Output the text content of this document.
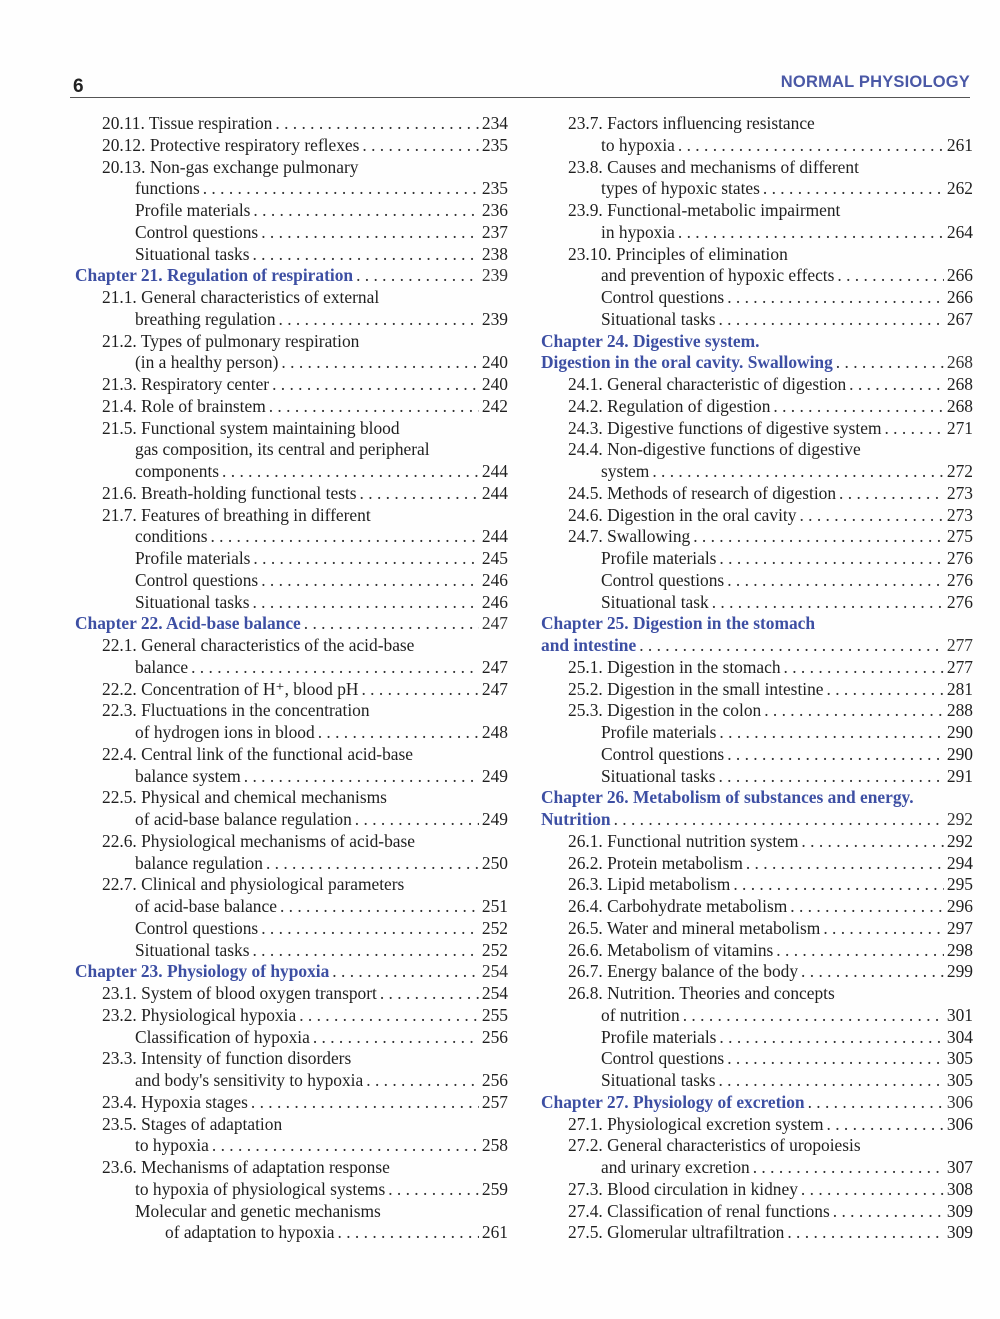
6	NORMAL PHYSIOLOGY
20.11. Tissue respiration . . .	234
20.12. Protective respiratory reflexes . . .	235
20.13. Non-gas exchange pulmonary
functions . . .	235
Profile materials . . .	236
Control questions . . .	237
Situational tasks . . .	238
Chapter 21. Regulation of respiration . . .	239
21.1. General characteristics of external
breathing regulation . . .	239
21.2. Types of pulmonary respiration
(in a healthy person) . . .	240
21.3. Respiratory center . . .	240
21.4. Role of brainstem . . .	242
21.5. Functional system maintaining blood
gas composition, its central and peripheral
components . . .	244
21.6. Breath-holding functional tests . . .	244
21.7. Features of breathing in different
conditions . . .	244
Profile materials . . .	245
Control questions . . .	246
Situational tasks . . .	246
Chapter 22. Acid-base balance . . .	247
22.1. General characteristics of the acid-base
balance . . .	247
22.2. Concentration of H⁺, blood pH . . .	247
22.3. Fluctuations in the concentration
of hydrogen ions in blood . . .	248
22.4. Central link of the functional acid-base
balance system . . .	249
22.5. Physical and chemical mechanisms
of acid-base balance regulation . . .	249
22.6. Physiological mechanisms of acid-base
balance regulation . . .	250
22.7. Clinical and physiological parameters
of acid-base balance . . .	251
Control questions . . .	252
Situational tasks . . .	252
Chapter 23. Physiology of hypoxia . . .	254
23.1. System of blood oxygen transport . . .	254
23.2. Physiological hypoxia . . .	255
Classification of hypoxia . . .	256
23.3. Intensity of function disorders
and body's sensitivity to hypoxia . . .	256
23.4. Hypoxia stages . . .	257
23.5. Stages of adaptation
to hypoxia . . .	258
23.6. Mechanisms of adaptation response
to hypoxia of physiological systems . . .	259
Molecular and genetic mechanisms
of adaptation to hypoxia . . .	261
23.7. Factors influencing resistance
to hypoxia . . .	261
23.8. Causes and mechanisms of different
types of hypoxic states . . .	262
23.9. Functional-metabolic impairment
in hypoxia . . .	264
23.10. Principles of elimination
and prevention of hypoxic effects . . .	266
Control questions . . .	266
Situational tasks . . .	267
Chapter 24. Digestive system.
Digestion in the oral cavity. Swallowing . . .	268
24.1. General characteristic of digestion . . .	268
24.2. Regulation of digestion . . .	268
24.3. Digestive functions of digestive system . . .	271
24.4. Non-digestive functions of digestive
system . . .	272
24.5. Methods of research of digestion . . .	273
24.6. Digestion in the oral cavity . . .	273
24.7. Swallowing . . .	275
Profile materials . . .	276
Control questions . . .	276
Situational task . . .	276
Chapter 25. Digestion in the stomach
and intestine . . .	277
25.1. Digestion in the stomach . . .	277
25.2. Digestion in the small intestine . . .	281
25.3. Digestion in the colon . . .	288
Profile materials . . .	290
Control questions . . .	290
Situational tasks . . .	291
Chapter 26. Metabolism of substances and energy.
Nutrition . . .	292
26.1. Functional nutrition system . . .	292
26.2. Protein metabolism . . .	294
26.3. Lipid metabolism . . .	295
26.4. Carbohydrate metabolism . . .	296
26.5. Water and mineral metabolism . . .	297
26.6. Metabolism of vitamins . . .	298
26.7. Energy balance of the body . . .	299
26.8. Nutrition. Theories and concepts
of nutrition . . .	301
Profile materials . . .	304
Control questions . . .	305
Situational tasks . . .	305
Chapter 27. Physiology of excretion . . .	306
27.1. Physiological excretion system . . .	306
27.2. General characteristics of uropoiesis
and urinary excretion . . .	307
27.3. Blood circulation in kidney . . .	308
27.4. Classification of renal functions . . .	309
27.5. Glomerular ultrafiltration . . .	309
